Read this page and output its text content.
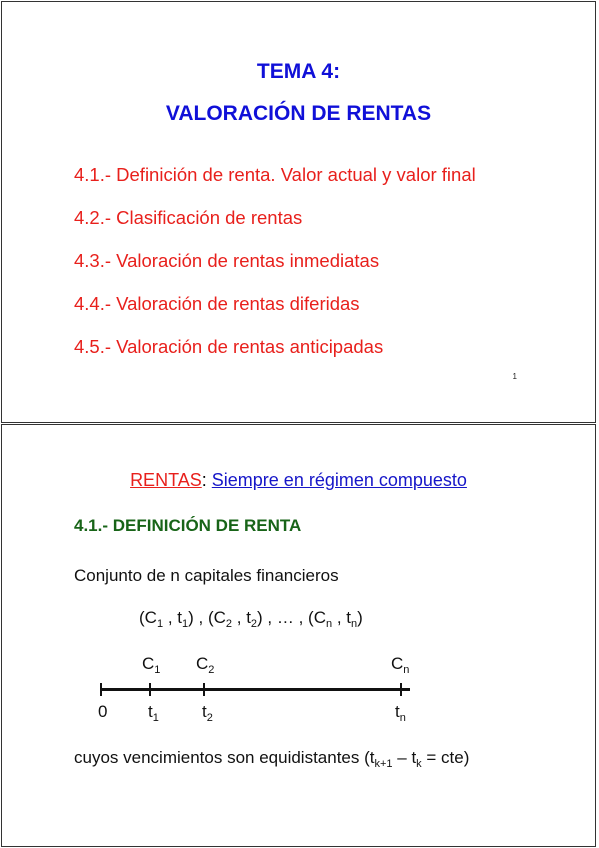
TEMA 4:
VALORACIÓN DE RENTAS
4.1.- Definición de renta. Valor actual y valor final
4.2.- Clasificación de rentas
4.3.- Valoración de rentas inmediatas
4.4.- Valoración de rentas diferidas
4.5.- Valoración de rentas anticipadas
1
RENTAS: Siempre en régimen compuesto
4.1.- DEFINICIÓN DE RENTA
Conjunto de n capitales financieros
($C_1$ , $t_1$) , ($C_2$ , $t_2$) , … , ($C_n$ , $t_n$)
$C_1$ $C_2$	$C_n$
0 $t_1$	$t_2$	$t_n$
cuyos vencimientos son equidistantes $(t_{k+1} - t_k = cte)$
